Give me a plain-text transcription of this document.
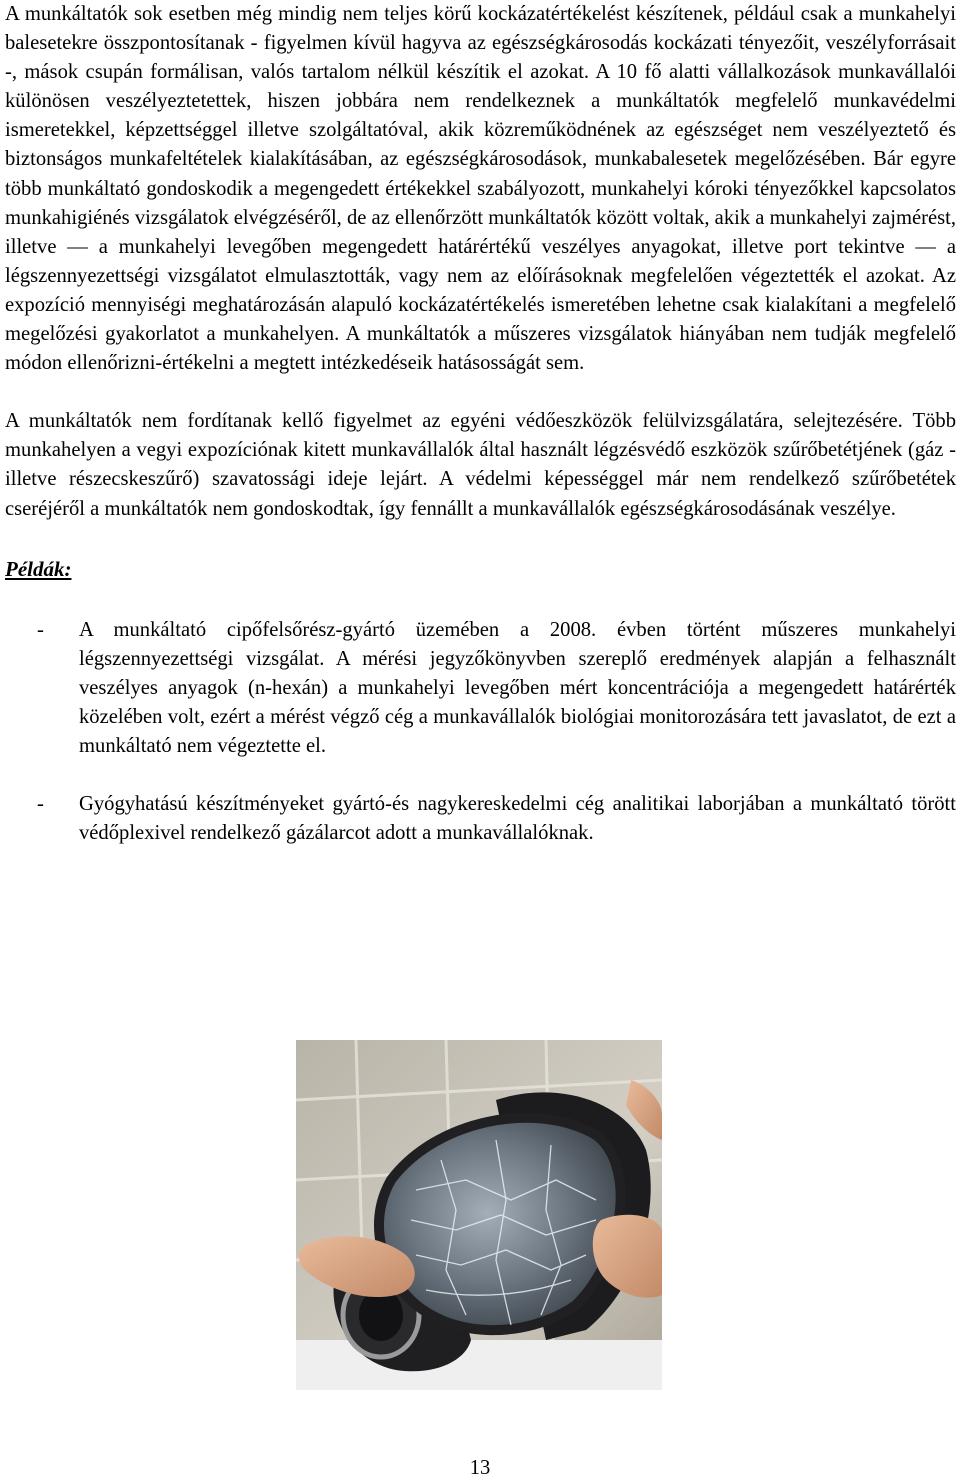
A munkáltatók sok esetben még mindig nem teljes körű kockázatértékelést készítenek, például csak a munkahelyi balesetekre összpontosítanak - figyelmen kívül hagyva az egészségkárosodás kockázati tényezőit, veszélyforrásait -, mások csupán formálisan, valós tartalom nélkül készítik el azokat. A 10 fő alatti vállalkozások munkavállalói különösen veszélyeztetettek, hiszen jobbára nem rendelkeznek a munkáltatók megfelelő munkavédelmi ismeretekkel, képzettséggel illetve szolgáltatóval, akik közreműködnének az egészséget nem veszélyeztető és biztonságos munkafeltételek kialakításában, az egészségkárosodások, munkabalesetek megelőzésében. Bár egyre több munkáltató gondoskodik a megengedett értékekkel szabályozott, munkahelyi kóroki tényezőkkel kapcsolatos munkahigiénés vizsgálatok elvégzéséről, de az ellenőrzött munkáltatók között voltak, akik a munkahelyi zajmérést, illetve ― a munkahelyi levegőben megengedett határértékű veszélyes anyagokat, illetve port tekintve ― a légszennyezettségi vizsgálatot elmulasztották, vagy nem az előírásoknak megfelelően végeztették el azokat. Az expozíció mennyiségi meghatározásán alapuló kockázatértékelés ismeretében lehetne csak kialakítani a megfelelő megelőzési gyakorlatot a munkahelyen. A munkáltatók a műszeres vizsgálatok hiányában nem tudják megfelelő módon ellenőrizni-értékelni a megtett intézkedéseik hatásosságát sem.

A munkáltatók nem fordítanak kellő figyelmet az egyéni védőeszközök felülvizsgálatára, selejtezésére. Több munkahelyen a vegyi expozíciónak kitett munkavállalók által használt légzésvédő eszközök szűrőbetétjének (gáz - illetve részecskeszűrő) szavatossági ideje lejárt. A védelmi képességgel már nem rendelkező szűrőbetétek cseréjéről a munkáltatók nem gondoskodtak, így fennállt a munkavállalók egészségkárosodásának veszélye.

Példák:
- A munkáltató cipőfelsőrész-gyártó üzemében a 2008. évben történt műszeres munkahelyi légszennyezettségi vizsgálat. A mérési jegyzőkönyvben szereplő eredmények alapján a felhasznált veszélyes anyagok (n-hexán) a munkahelyi levegőben mért koncentrációja a megengedett határérték közelében volt, ezért a mérést végző cég a munkavállalók biológiai monitorozására tett javaslatot, de ezt a munkáltató nem végeztette el.
- Gyógyhatású készítményeket gyártó-és nagykereskedelmi cég analitikai laborjában a munkáltató törött védőplexivel rendelkező gázálarcot adott a munkavállalóknak.
13
